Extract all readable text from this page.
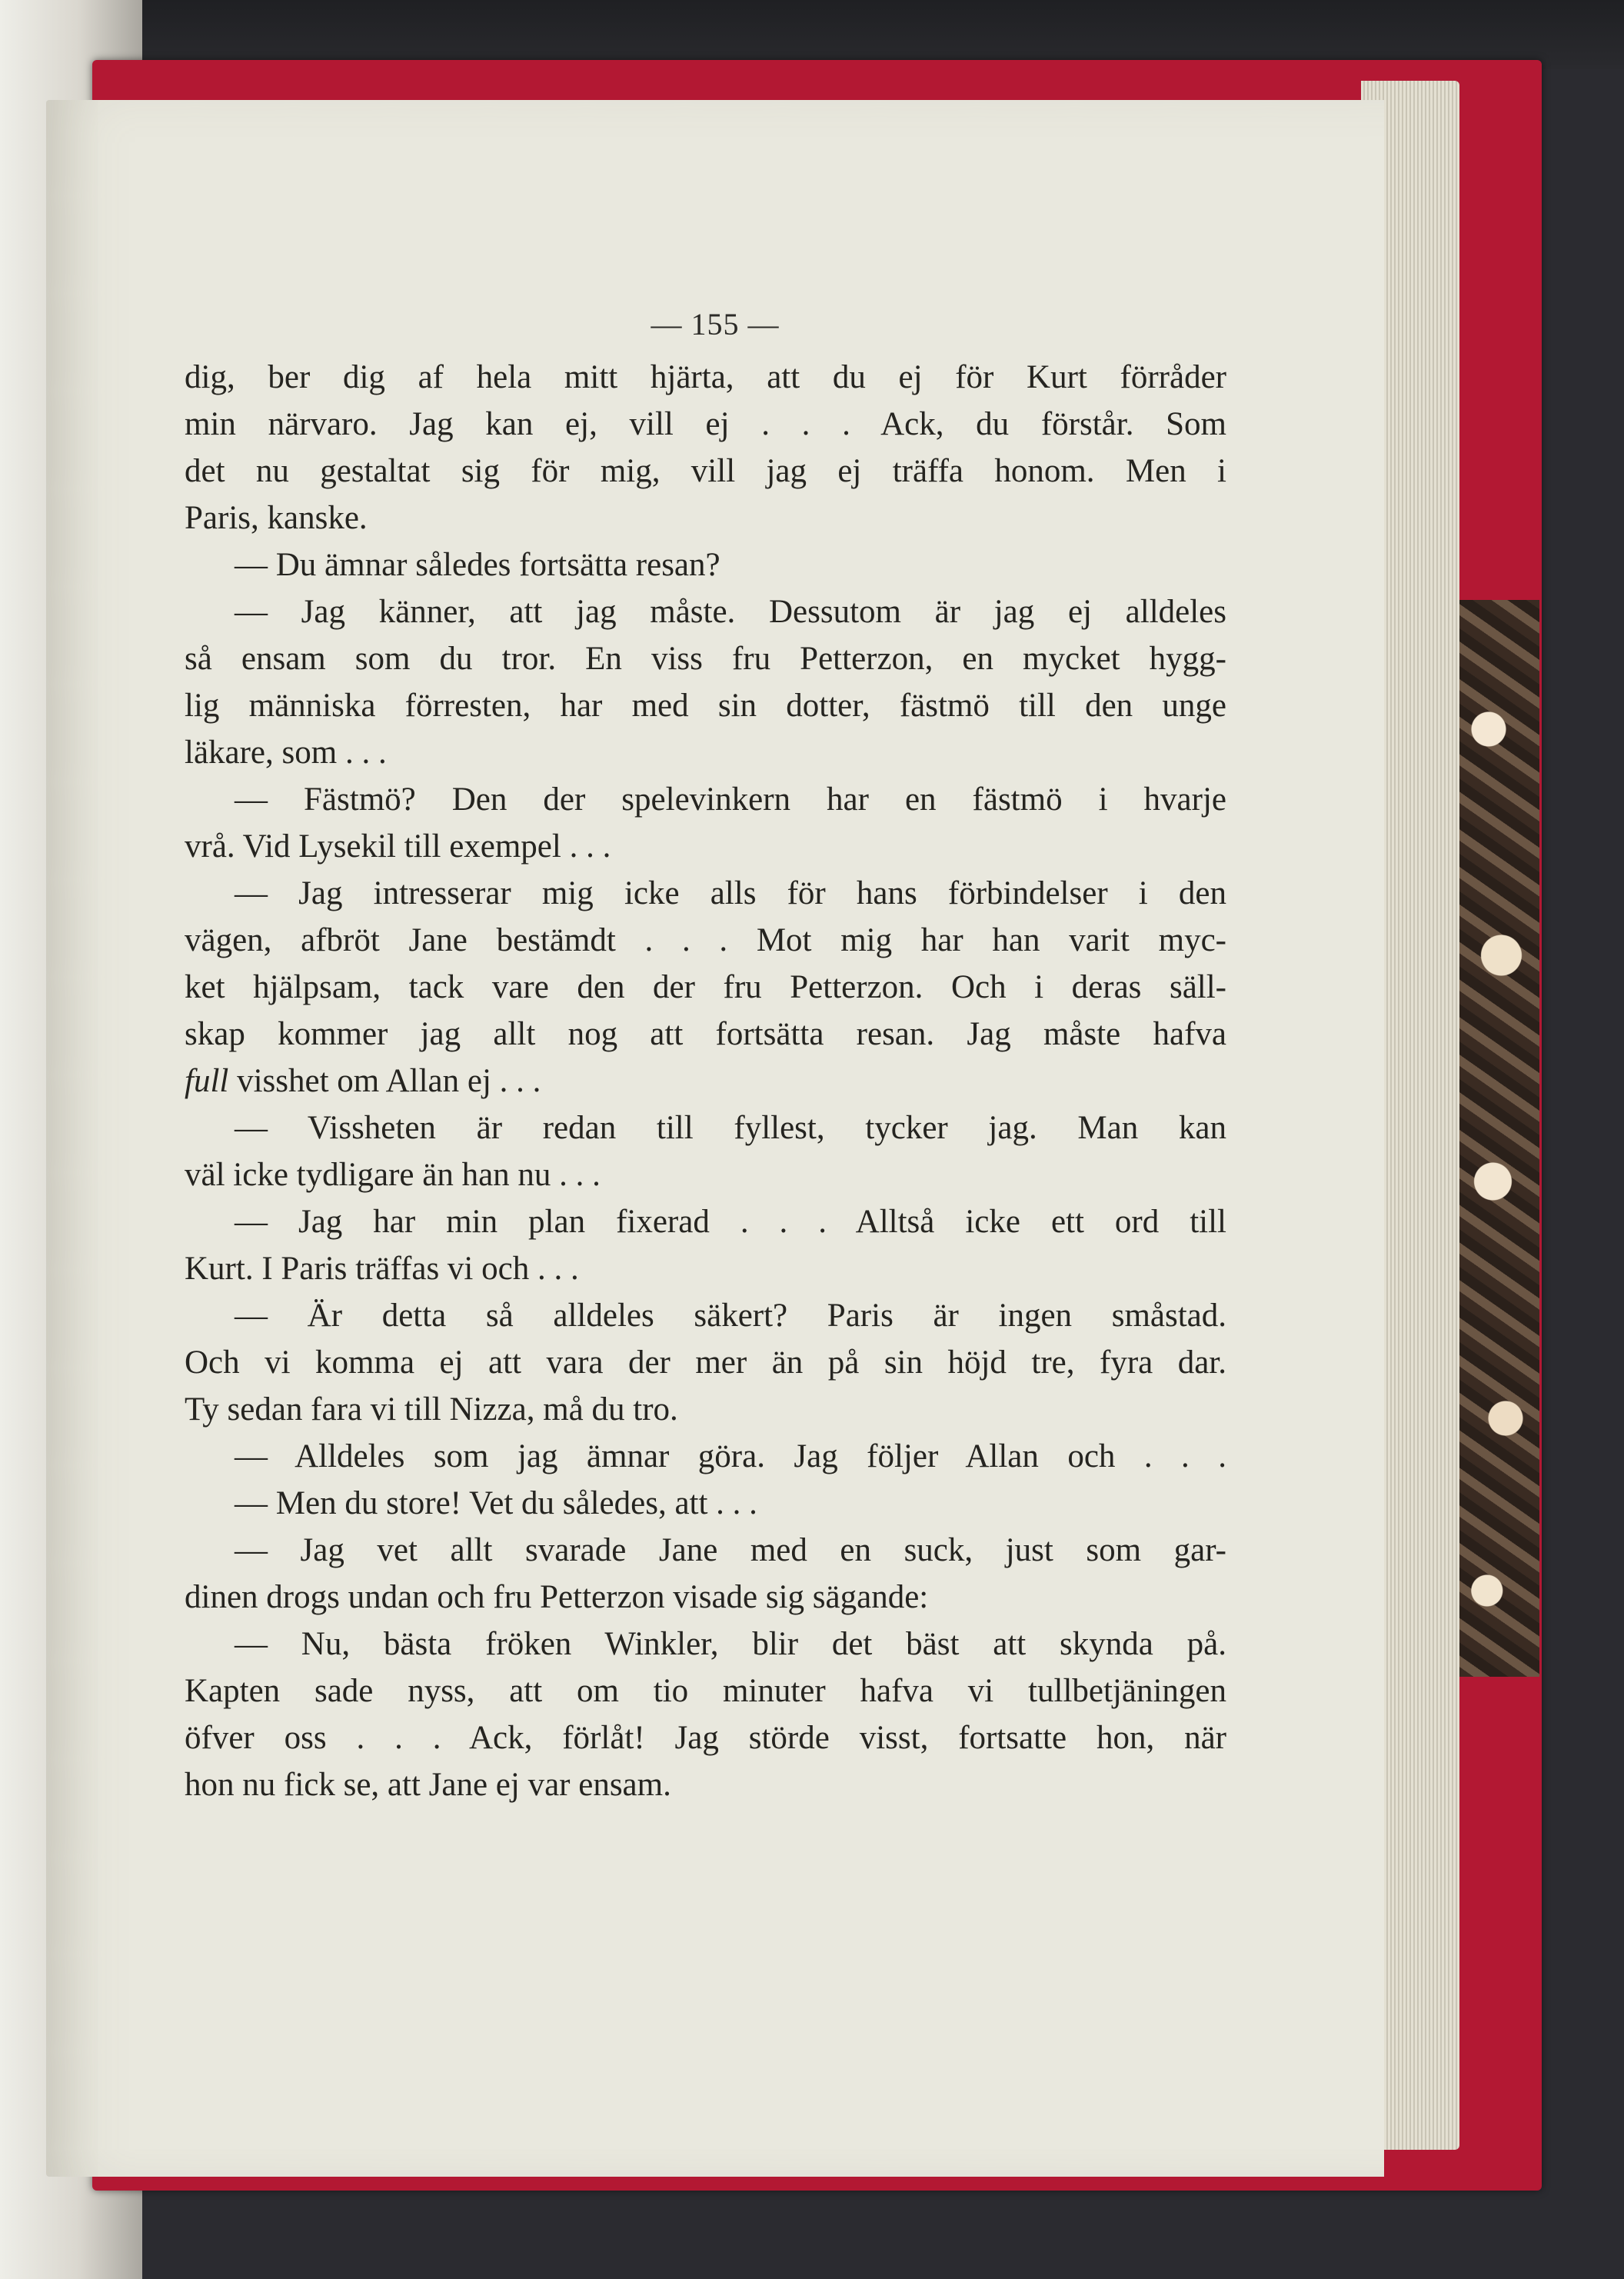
— 155 —
dig, ber dig af hela mitt hjärta, att du ej för Kurt förråder
min närvaro. Jag kan ej, vill ej . . . Ack, du förstår. Som
det nu gestaltat sig för mig, vill jag ej träffa honom. Men i
Paris, kanske.
— Du ämnar således fortsätta resan?
— Jag känner, att jag måste. Dessutom är jag ej alldeles
så ensam som du tror. En viss fru Petterzon, en mycket hygg-
lig människa förresten, har med sin dotter, fästmö till den unge
läkare, som . . .
— Fästmö? Den der spelevinkern har en fästmö i hvarje
vrå. Vid Lysekil till exempel . . .
— Jag intresserar mig icke alls för hans förbindelser i den
vägen, afbröt Jane bestämdt . . . Mot mig har han varit myc-
ket hjälpsam, tack vare den der fru Petterzon. Och i deras säll-
skap kommer jag allt nog att fortsätta resan. Jag måste hafva
full visshet om Allan ej . . .
— Vissheten är redan till fyllest, tycker jag. Man kan
väl icke tydligare än han nu . . .
— Jag har min plan fixerad . . . Alltså icke ett ord till
Kurt. I Paris träffas vi och . . .
— Är detta så alldeles säkert? Paris är ingen småstad.
Och vi komma ej att vara der mer än på sin höjd tre, fyra dar.
Ty sedan fara vi till Nizza, må du tro.
— Alldeles som jag ämnar göra. Jag följer Allan och . . .
— Men du store! Vet du således, att . . .
— Jag vet allt svarade Jane med en suck, just som gar-
dinen drogs undan och fru Petterzon visade sig sägande:
— Nu, bästa fröken Winkler, blir det bäst att skynda på.
Kapten sade nyss, att om tio minuter hafva vi tullbetjäningen
öfver oss . . . Ack, förlåt! Jag störde visst, fortsatte hon, när
hon nu fick se, att Jane ej var ensam.
